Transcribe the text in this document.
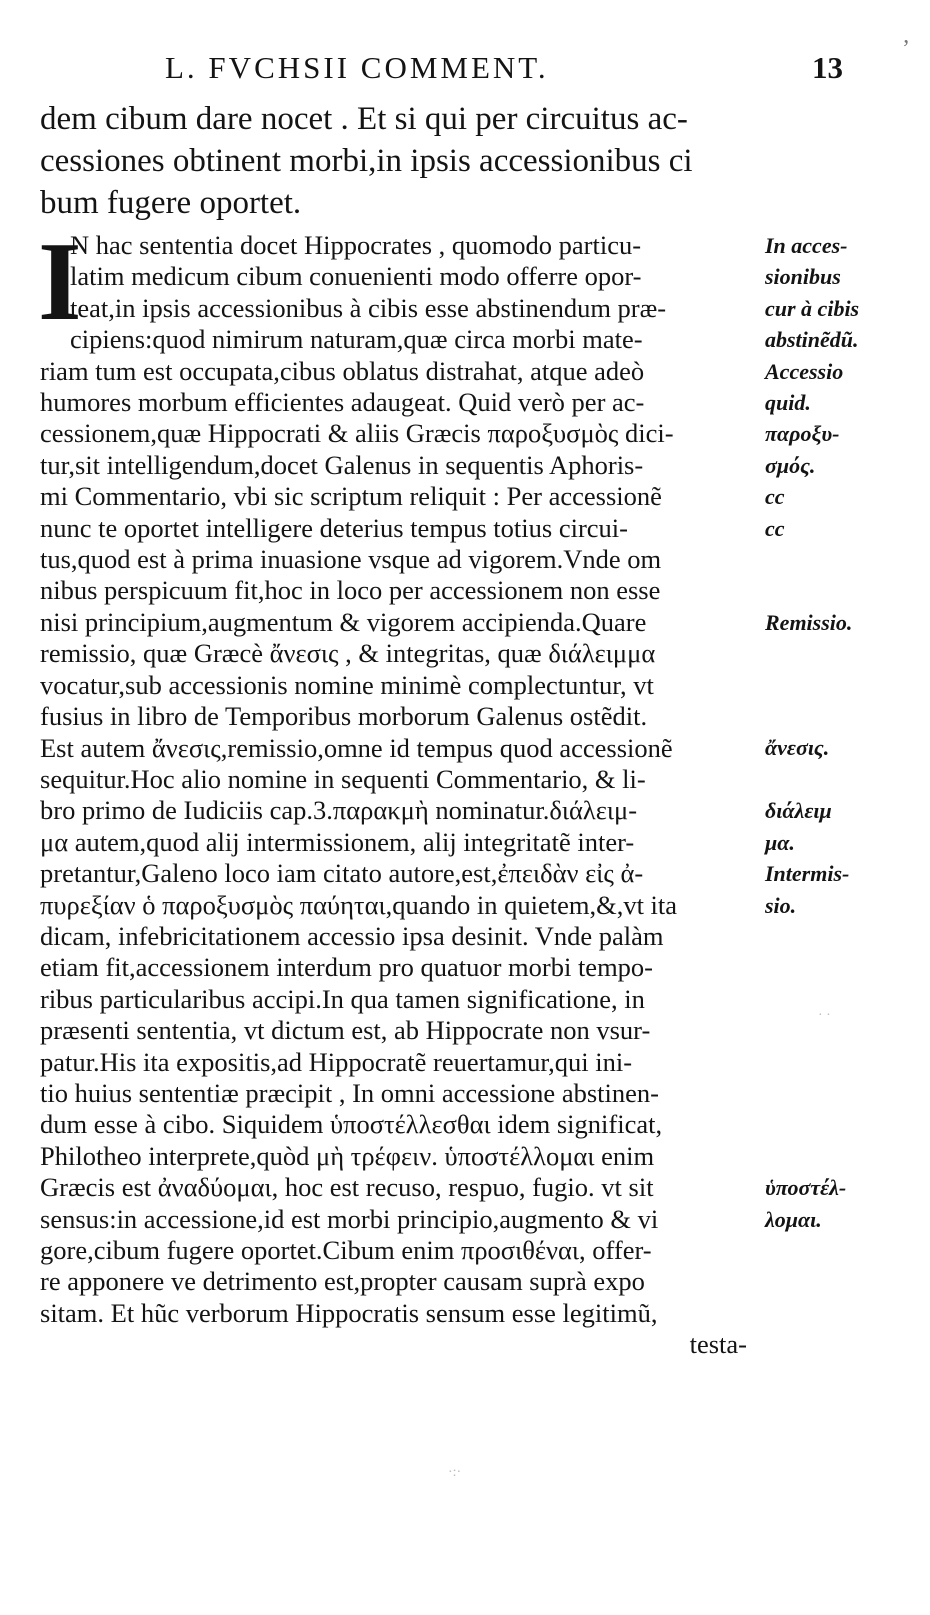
L. FVCHSII COMMENT.	13
ʼ
dem cibum dare nocet . Et si qui per circuitus ac-
cessiones obtinent morbi,in ipsis accessionibus ci
bum fugere oportet.
I
N hac sententia docet Hippocrates , quomodo particu-
latim medicum cibum conuenienti modo offerre opor-
teat,in ipsis accessionibus à cibis esse abstinendum præ-
cipiens:quod nimirum naturam,quæ circa morbi mate-
riam tum est occupata,cibus oblatus distrahat, atque adeò
humores morbum efficientes adaugeat. Quid verò per ac-
cessionem,quæ Hippocrati & aliis Græcis παροξυσμὸς dici-
tur,sit intelligendum,docet Galenus in sequentis Aphoris-
mi Commentario, vbi sic scriptum reliquit : Per accessionẽ
nunc te oportet intelligere deterius tempus totius circui-
tus,quod est à prima inuasione vsque ad vigorem.Vnde om
nibus perspicuum fit,hoc in loco per accessionem non esse
nisi principium,augmentum & vigorem accipienda.Quare
remissio, quæ Græcè ἄνεσις , & integritas, quæ διάλειμμα
vocatur,sub accessionis nomine minimè complectuntur, vt
fusius in libro de Temporibus morborum Galenus ostẽdit.
Est autem ἄνεσις,remissio,omne id tempus quod accessionẽ
sequitur.Hoc alio nomine in sequenti Commentario, & li-
bro primo de Iudiciis cap.3.παρακμὴ nominatur.διάλειμ-
μα autem,quod alij intermissionem, alij integritatẽ inter-
pretantur,Galeno loco iam citato autore,est,ἐπειδὰν εἰς ἀ-
πυρεξίαν ὁ παροξυσμὸς παύηται,quando in quietem,&,vt ita
dicam, infebricitationem accessio ipsa desinit. Vnde palàm
etiam fit,accessionem interdum pro quatuor morbi tempo-
ribus particularibus accipi.In qua tamen significatione, in
præsenti sententia, vt dictum est, ab Hippocrate non vsur-
patur.His ita expositis,ad Hippocratẽ reuertamur,qui ini-
tio huius sententiæ præcipit , In omni accessione abstinen-
dum esse à cibo. Siquidem ὑποστέλλεσθαι idem significat,
Philotheo interprete,quòd μὴ τρέφειν. ὑποστέλλομαι enim
Græcis est ἀναδύομαι, hoc est recuso, respuo, fugio. vt sit
sensus:in accessione,id est morbi principio,augmento & vi
gore,cibum fugere oportet.Cibum enim προσιθέναι, offer-
re apponere ve detrimento est,propter causam suprà expo
sitam. Et hũc verborum Hippocratis sensum esse legitimũ,
testa-
In acces-
sionibus
cur à cibis
abstinẽdũ.
Accessio
quid.
παροξυ-
σμός.
cc
cc
Remissio.
ἄνεσις.
διάλειμ
μα.
Intermis-
sio.
ὑποστέλ-
λομαι.
· ·
·:·
